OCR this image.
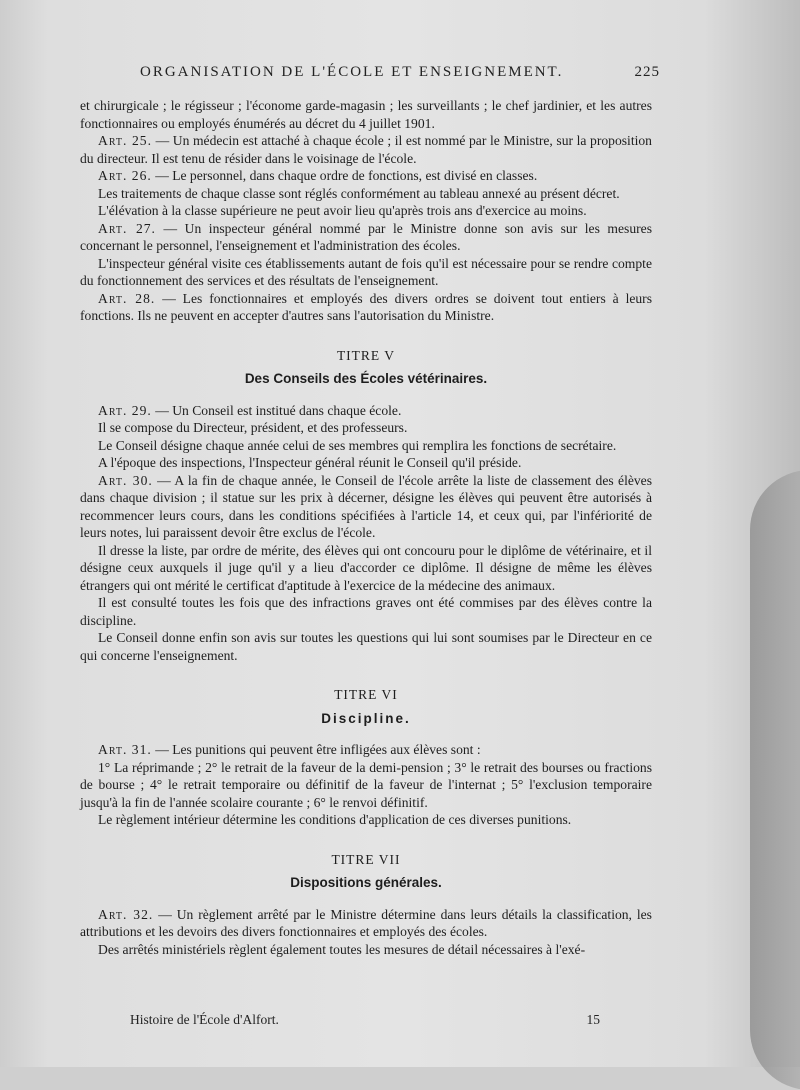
ORGANISATION DE L'ÉCOLE ET ENSEIGNEMENT.	225

et chirurgicale ; le régisseur ; l'économe garde-magasin ; les surveillants ; le chef jardinier, et les autres fonctionnaires ou employés énumérés au décret du 4 juillet 1901.

Art. 25. — Un médecin est attaché à chaque école ; il est nommé par le Ministre, sur la proposition du directeur. Il est tenu de résider dans le voisinage de l'école.

Art. 26. — Le personnel, dans chaque ordre de fonctions, est divisé en classes.

Les traitements de chaque classe sont réglés conformément au tableau annexé au présent décret.

L'élévation à la classe supérieure ne peut avoir lieu qu'après trois ans d'exercice au moins.

Art. 27. — Un inspecteur général nommé par le Ministre donne son avis sur les mesures concernant le personnel, l'enseignement et l'administration des écoles.

L'inspecteur général visite ces établissements autant de fois qu'il est nécessaire pour se rendre compte du fonctionnement des services et des résultats de l'enseignement.

Art. 28. — Les fonctionnaires et employés des divers ordres se doivent tout entiers à leurs fonctions. Ils ne peuvent en accepter d'autres sans l'autorisation du Ministre.

TITRE V
Des Conseils des Écoles vétérinaires.

Art. 29. — Un Conseil est institué dans chaque école.

Il se compose du Directeur, président, et des professeurs.

Le Conseil désigne chaque année celui de ses membres qui remplira les fonctions de secrétaire.

A l'époque des inspections, l'Inspecteur général réunit le Conseil qu'il préside.

Art. 30. — A la fin de chaque année, le Conseil de l'école arrête la liste de classement des élèves dans chaque division ; il statue sur les prix à décerner, désigne les élèves qui peuvent être autorisés à recommencer leurs cours, dans les conditions spécifiées à l'article 14, et ceux qui, par l'infériorité de leurs notes, lui paraissent devoir être exclus de l'école.

Il dresse la liste, par ordre de mérite, des élèves qui ont concouru pour le diplôme de vétérinaire, et il désigne ceux auxquels il juge qu'il y a lieu d'accorder ce diplôme. Il désigne de même les élèves étrangers qui ont mérité le certificat d'aptitude à l'exercice de la médecine des animaux.

Il est consulté toutes les fois que des infractions graves ont été commises par des élèves contre la discipline.

Le Conseil donne enfin son avis sur toutes les questions qui lui sont soumises par le Directeur en ce qui concerne l'enseignement.

TITRE VI
Discipline.

Art. 31. — Les punitions qui peuvent être infligées aux élèves sont :

1° La réprimande ; 2° le retrait de la faveur de la demi-pension ; 3° le retrait des bourses ou fractions de bourse ; 4° le retrait temporaire ou définitif de la faveur de l'internat ; 5° l'exclusion temporaire jusqu'à la fin de l'année scolaire courante ; 6° le renvoi définitif.

Le règlement intérieur détermine les conditions d'application de ces diverses punitions.

TITRE VII
Dispositions générales.

Art. 32. — Un règlement arrêté par le Ministre détermine dans leurs détails la classification, les attributions et les devoirs des divers fonctionnaires et employés des écoles.

Des arrêtés ministériels règlent également toutes les mesures de détail nécessaires à l'exé-

Histoire de l'École d'Alfort.	15
